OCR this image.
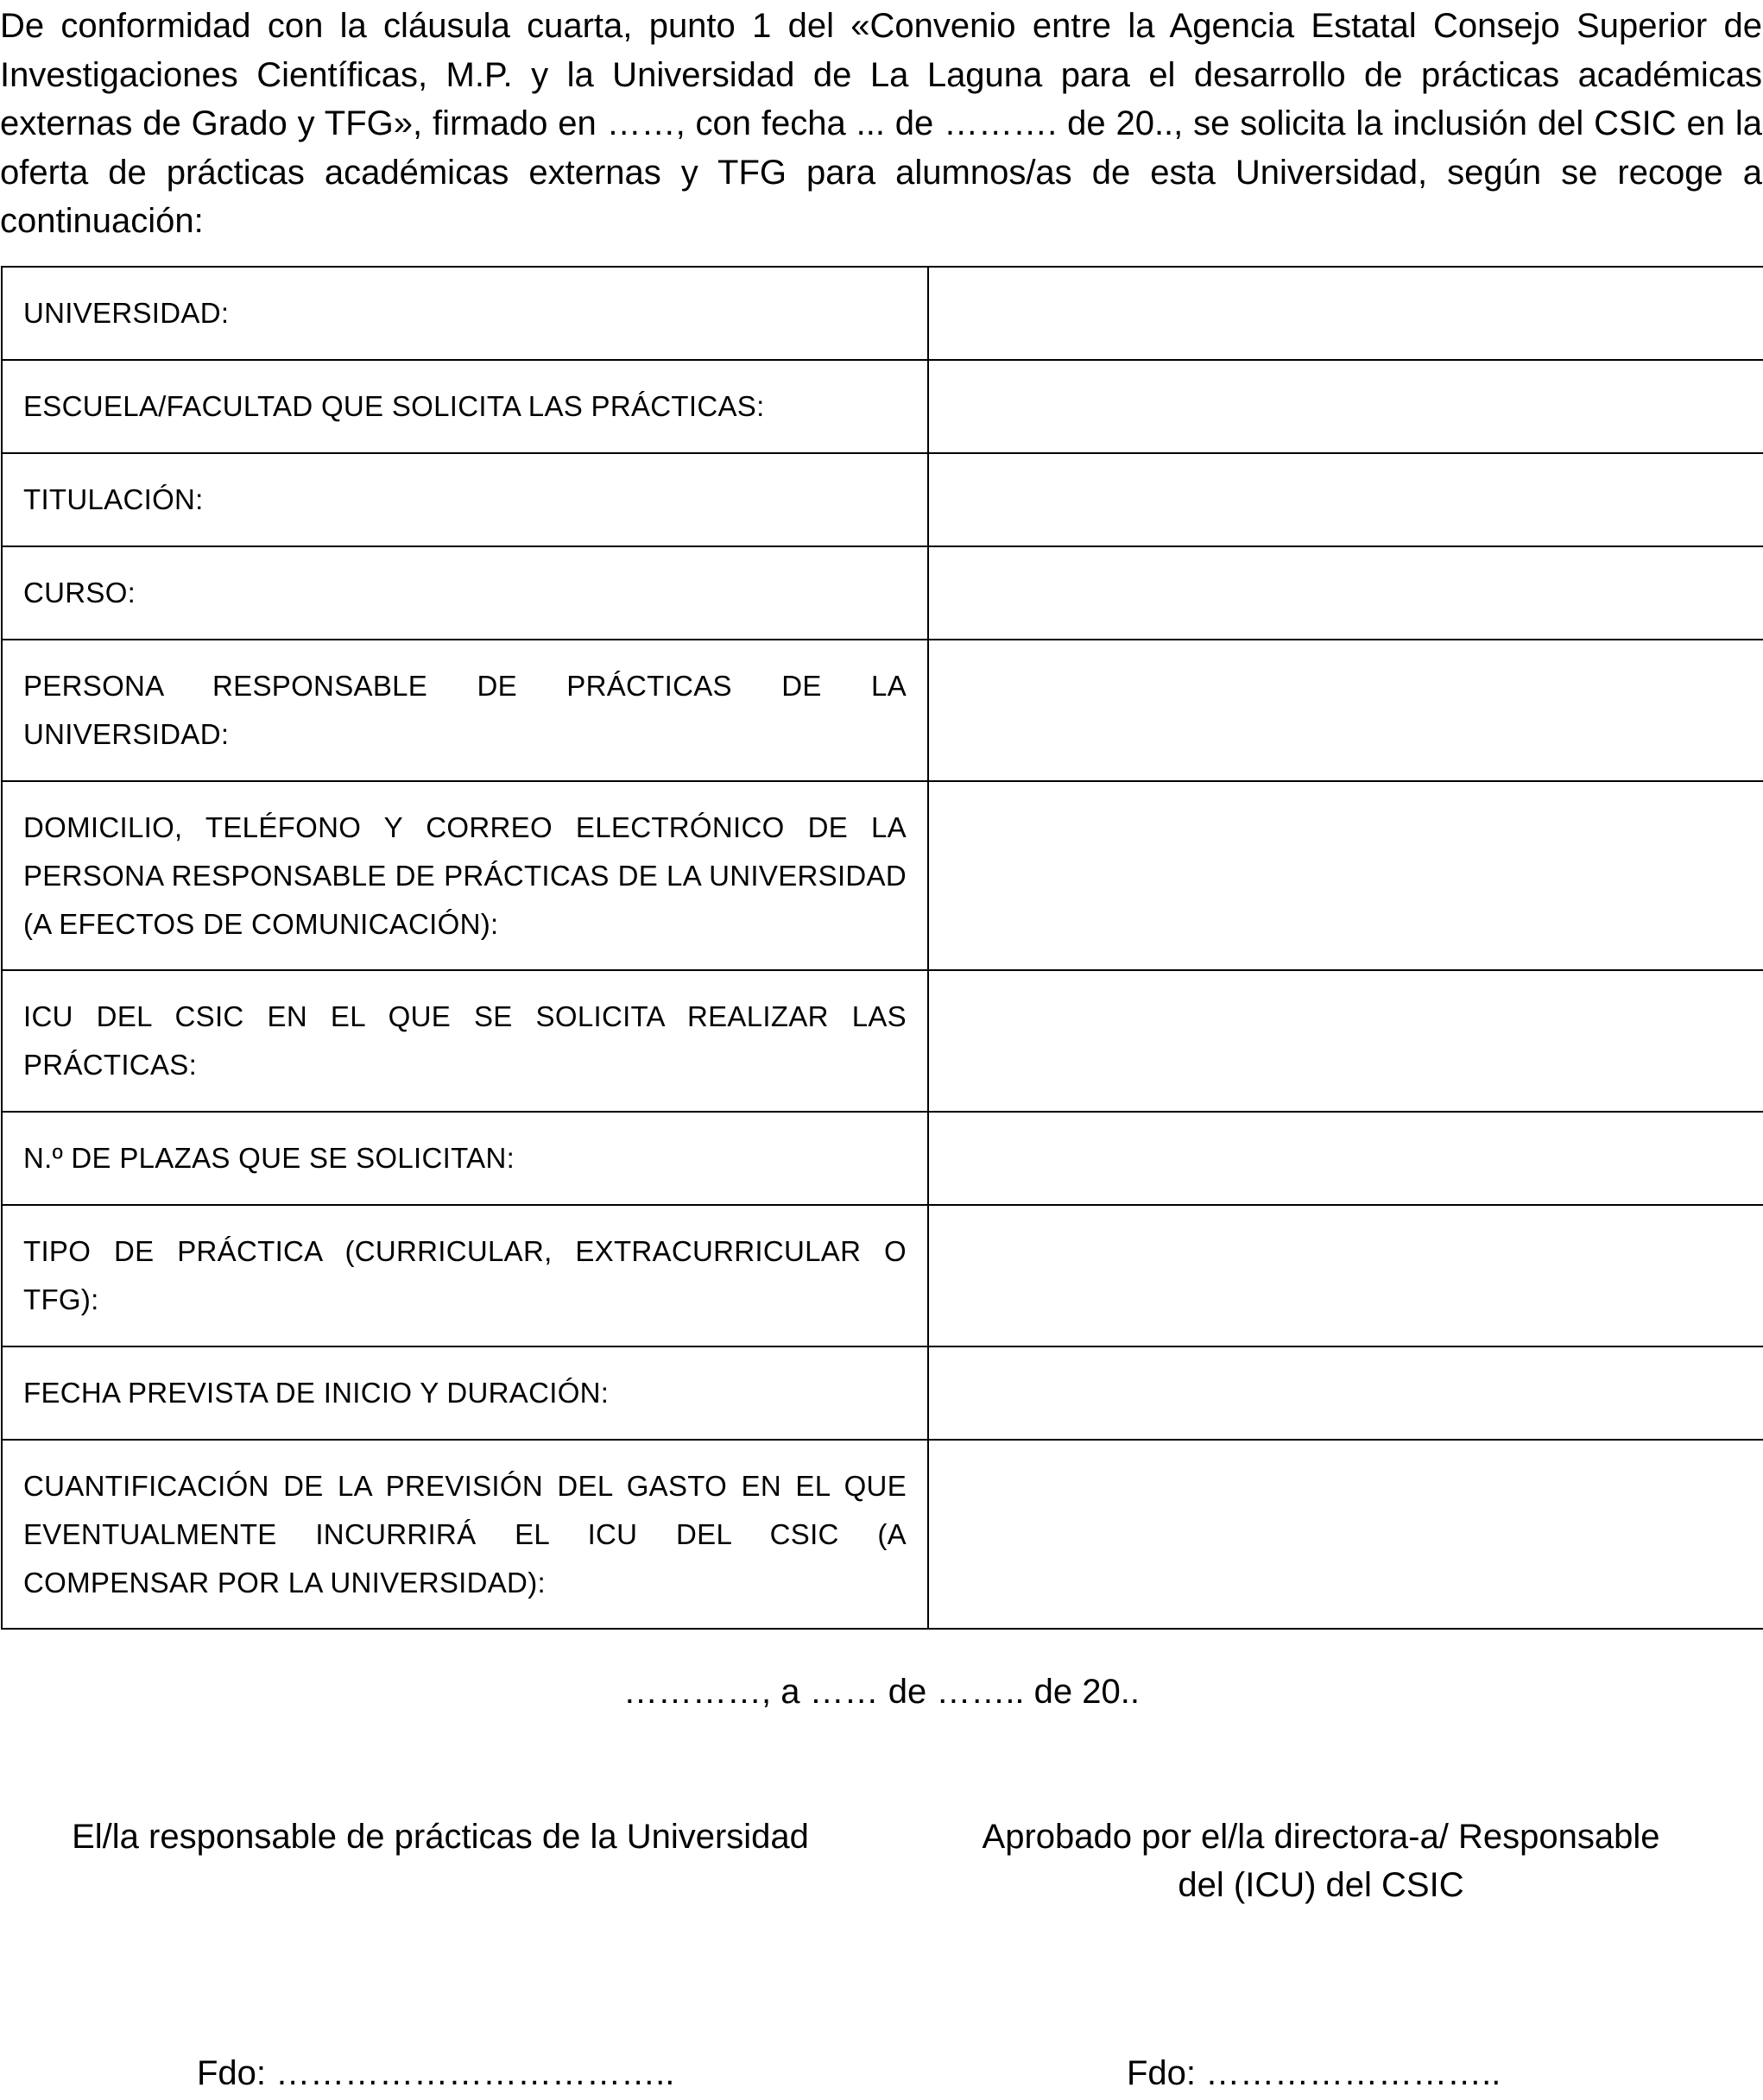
De conformidad con la cláusula cuarta, punto 1 del «Convenio entre la Agencia Estatal Consejo Superior de Investigaciones Científicas, M.P. y la Universidad de La Laguna para el desarrollo de prácticas académicas externas de Grado y TFG», firmado en ……, con fecha ... de ………. de 20.., se solicita la inclusión del CSIC en la oferta de prácticas académicas externas y TFG para alumnos/as de esta Universidad, según se recoge a continuación:

UNIVERSIDAD:	
ESCUELA/FACULTAD QUE SOLICITA LAS PRÁCTICAS:	
TITULACIÓN:	
CURSO:	
PERSONA RESPONSABLE DE PRÁCTICAS DE LA UNIVERSIDAD:	
DOMICILIO, TELÉFONO Y CORREO ELECTRÓNICO DE LA PERSONA RESPONSABLE DE PRÁCTICAS DE LA UNIVERSIDAD (A EFECTOS DE COMUNICACIÓN):	
ICU DEL CSIC EN EL QUE SE SOLICITA REALIZAR LAS PRÁCTICAS:	
N.º DE PLAZAS QUE SE SOLICITAN:	
TIPO DE PRÁCTICA (CURRICULAR, EXTRACURRICULAR O TFG):	
FECHA PREVISTA DE INICIO Y DURACIÓN:	
CUANTIFICACIÓN DE LA PREVISIÓN DEL GASTO EN EL QUE EVENTUALMENTE INCURRIRÁ EL ICU DEL CSIC (A COMPENSAR POR LA UNIVERSIDAD):	

…………, a …… de …….. de 20..

El/la responsable de prácticas de la Universidad	Aprobado por el/la directora-a/ Responsable
del (ICU) del CSIC

Fdo: ……………………………..	Fdo: ……………………..
